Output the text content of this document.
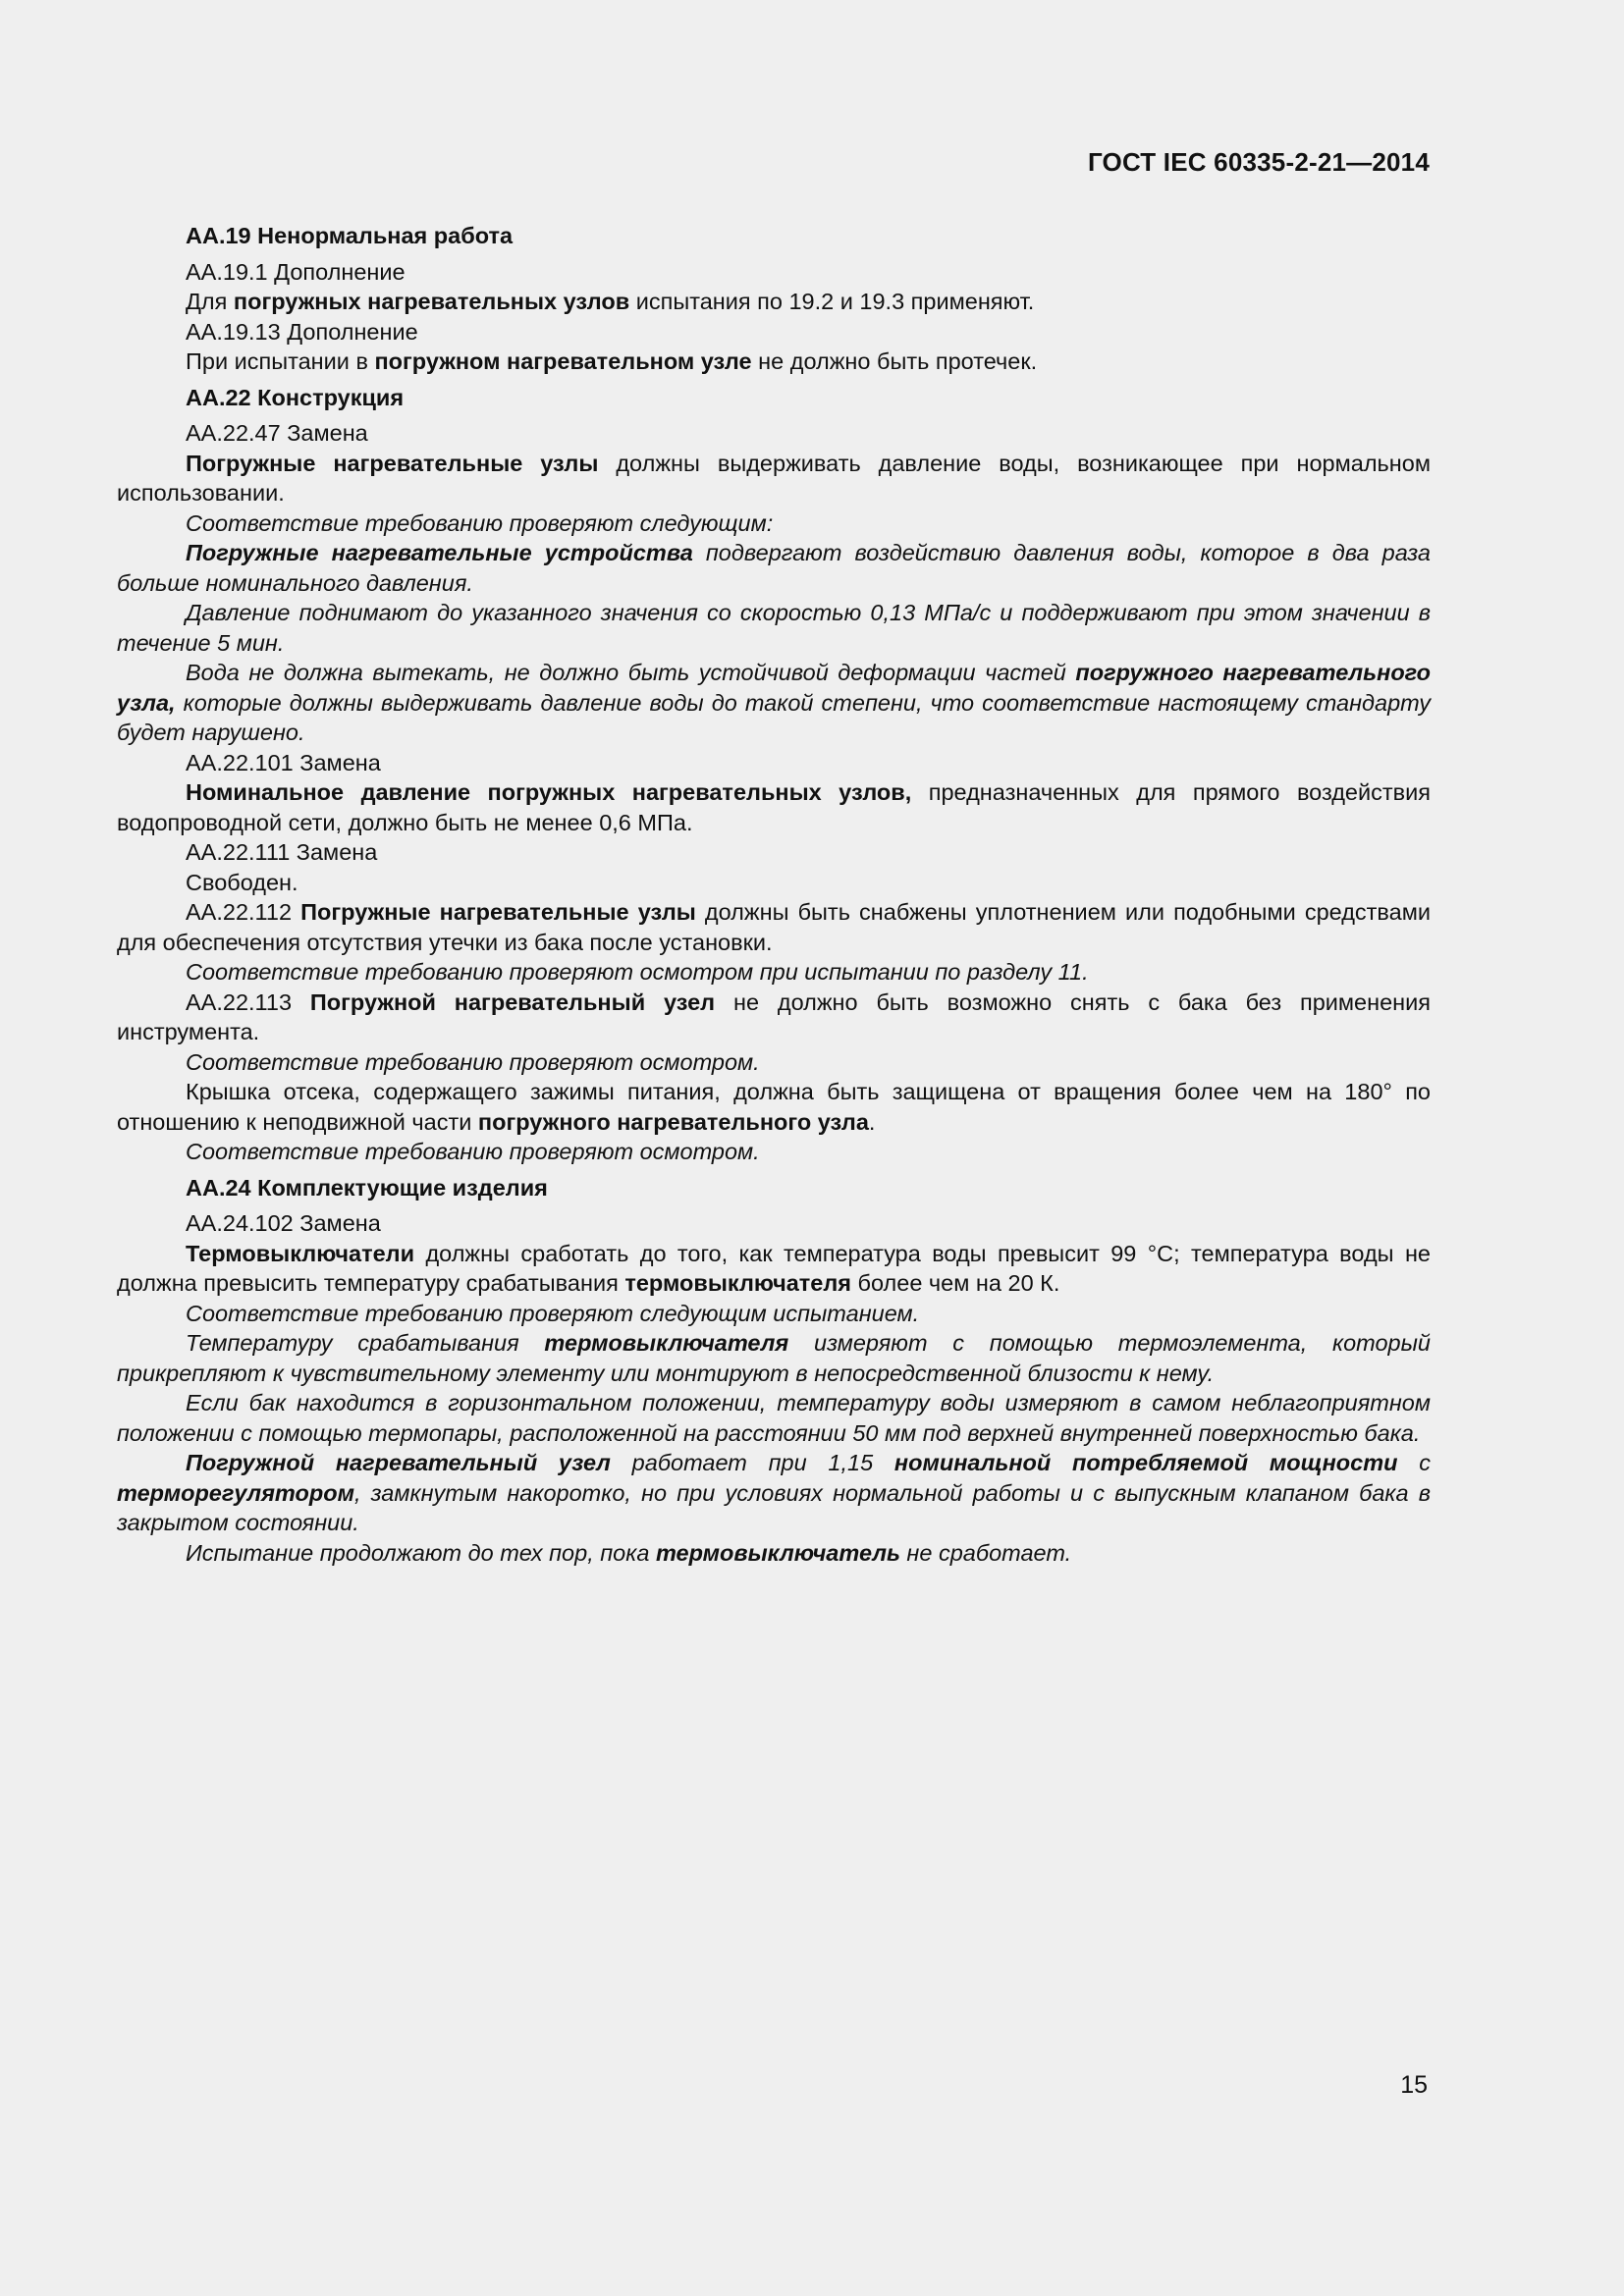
ГОСТ IEC 60335-2-21—2014
АА.19 Ненормальная работа

АА.19.1 Дополнение

Для погружных нагревательных узлов испытания по 19.2 и 19.3 применяют.

АА.19.13 Дополнение

При испытании в погружном нагревательном узле не должно быть протечек.

АА.22 Конструкция

АА.22.47 Замена

Погружные нагревательные узлы должны выдерживать давление воды, возникающее при нормальном использовании.

Соответствие требованию проверяют следующим:

Погружные нагревательные устройства подвергают воздействию давления воды, которое в два раза больше номинального давления.

Давление поднимают до указанного значения со скоростью 0,13 МПа/с и поддерживают при этом значении в течение 5 мин.

Вода не должна вытекать, не должно быть устойчивой деформации частей погружного нагревательного узла, которые должны выдерживать давление воды до такой степени, что соответствие настоящему стандарту будет нарушено.

АА.22.101 Замена

Номинальное давление погружных нагревательных узлов, предназначенных для прямого воздействия водопроводной сети, должно быть не менее 0,6 МПа.

АА.22.111 Замена

Свободен.

АА.22.112 Погружные нагревательные узлы должны быть снабжены уплотнением или подобными средствами для обеспечения отсутствия утечки из бака после установки.

Соответствие требованию проверяют осмотром при испытании по разделу 11.

АА.22.113 Погружной нагревательный узел не должно быть возможно снять с бака без применения инструмента.

Соответствие требованию проверяют осмотром.

Крышка отсека, содержащего зажимы питания, должна быть защищена от вращения более чем на 180° по отношению к неподвижной части погружного нагревательного узла.

Соответствие требованию проверяют осмотром.

АА.24 Комплектующие изделия

АА.24.102 Замена

Термовыключатели должны сработать до того, как температура воды превысит 99 °С; температура воды не должна превысить температуру срабатывания термовыключателя более чем на 20 К.

Соответствие требованию проверяют следующим испытанием.

Температуру срабатывания термовыключателя измеряют с помощью термоэлемента, который прикрепляют к чувствительному элементу или монтируют в непосредственной близости к нему.

Если бак находится в горизонтальном положении, температуру воды измеряют в самом неблагоприятном положении с помощью термопары, расположенной на расстоянии 50 мм под верхней внутренней поверхностью бака.

Погружной нагревательный узел работает при 1,15 номинальной потребляемой мощности с терморегулятором, замкнутым накоротко, но при условиях нормальной работы и с выпускным клапаном бака в закрытом состоянии.

Испытание продолжают до тех пор, пока термовыключатель не сработает.

15
